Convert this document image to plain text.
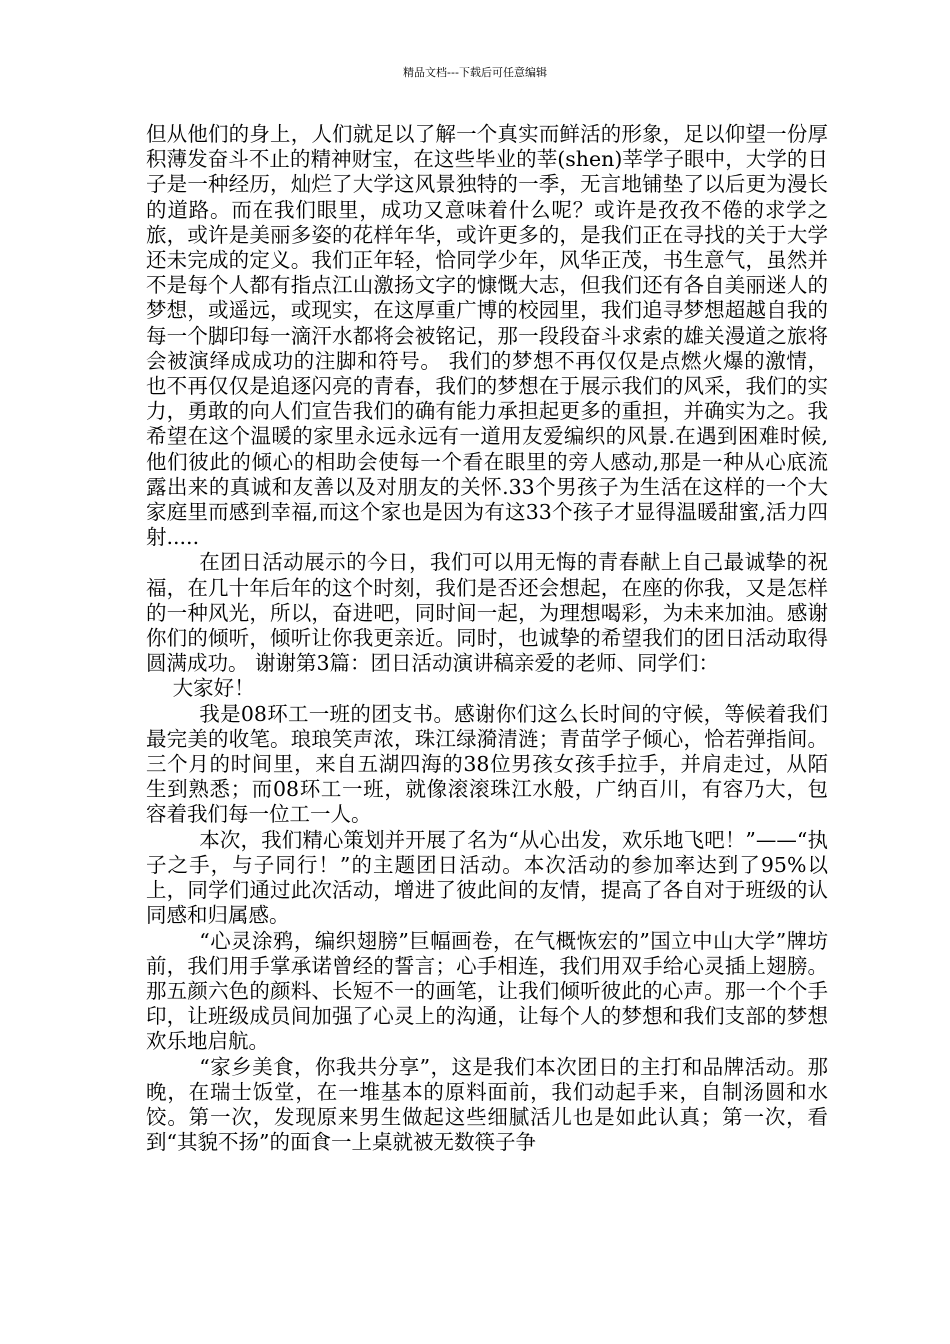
精品文档---下载后可任意编辑

但从他们的身上，人们就足以了解一个真实而鲜活的形象，足以仰望一份厚积薄发奋斗不止的精神财宝，在这些毕业的莘(shen)莘学子眼中，大学的日子是一种经历，灿烂了大学这风景独特的一季，无言地铺垫了以后更为漫长的道路。而在我们眼里，成功又意味着什么呢？或许是孜孜不倦的求学之旅，或许是美丽多姿的花样年华，或许更多的，是我们正在寻找的关于大学还未完成的定义。我们正年轻，恰同学少年，风华正茂，书生意气，虽然并不是每个人都有指点江山激扬文字的慷慨大志，但我们还有各自美丽迷人的梦想，或遥远，或现实，在这厚重广博的校园里，我们追寻梦想超越自我的每一个脚印每一滴汗水都将会被铭记，那一段段奋斗求索的雄关漫道之旅将会被演绎成成功的注脚和符号。 我们的梦想不再仅仅是点燃火爆的激情，也不再仅仅是追逐闪亮的青春，我们的梦想在于展示我们的风采，我们的实力，勇敢的向人们宣告我们的确有能力承担起更多的重担，并确实为之。我希望在这个温暖的家里永远永远有一道用友爱编织的风景.在遇到困难时候,他们彼此的倾心的相助会使每一个看在眼里的旁人感动,那是一种从心底流露出来的真诚和友善以及对朋友的关怀.33个男孩子为生活在这样的一个大家庭里而感到幸福,而这个家也是因为有这33个孩子才显得温暖甜蜜,活力四射.....

在团日活动展示的今日，我们可以用无悔的青春献上自己最诚挚的祝福，在几十年后年的这个时刻，我们是否还会想起，在座的你我，又是怎样的一种风光，所以，奋进吧，同时间一起，为理想喝彩，为未来加油。感谢你们的倾听，倾听让你我更亲近。同时，也诚挚的希望我们的团日活动取得圆满成功。 谢谢第3篇：团日活动演讲稿亲爱的老师、同学们：

大家好！

我是08环工一班的团支书。感谢你们这么长时间的守候，等候着我们最完美的收笔。琅琅笑声浓，珠江绿漪清涟；青苗学子倾心，恰若弹指间。三个月的时间里，来自五湖四海的38位男孩女孩手拉手，并肩走过，从陌生到熟悉；而08环工一班，就像滚滚珠江水般，广纳百川，有容乃大，包容着我们每一位工一人。

本次，我们精心策划并开展了名为“从心出发，欢乐地飞吧！”——“执子之手，与子同行！”的主题团日活动。本次活动的参加率达到了95%以上，同学们通过此次活动，增进了彼此间的友情，提高了各自对于班级的认同感和归属感。

“心灵涂鸦，编织翅膀”巨幅画卷，在气概恢宏的”国立中山大学”牌坊前，我们用手掌承诺曾经的誓言；心手相连，我们用双手给心灵插上翅膀。那五颜六色的颜料、长短不一的画笔，让我们倾听彼此的心声。那一个个手印，让班级成员间加强了心灵上的沟通，让每个人的梦想和我们支部的梦想欢乐地启航。

“家乡美食，你我共分享”，这是我们本次团日的主打和品牌活动。那晚，在瑞士饭堂，在一堆基本的原料面前，我们动起手来，自制汤圆和水饺。第一次，发现原来男生做起这些细腻活儿也是如此认真；第一次，看到“其貌不扬”的面食一上桌就被无数筷子争
